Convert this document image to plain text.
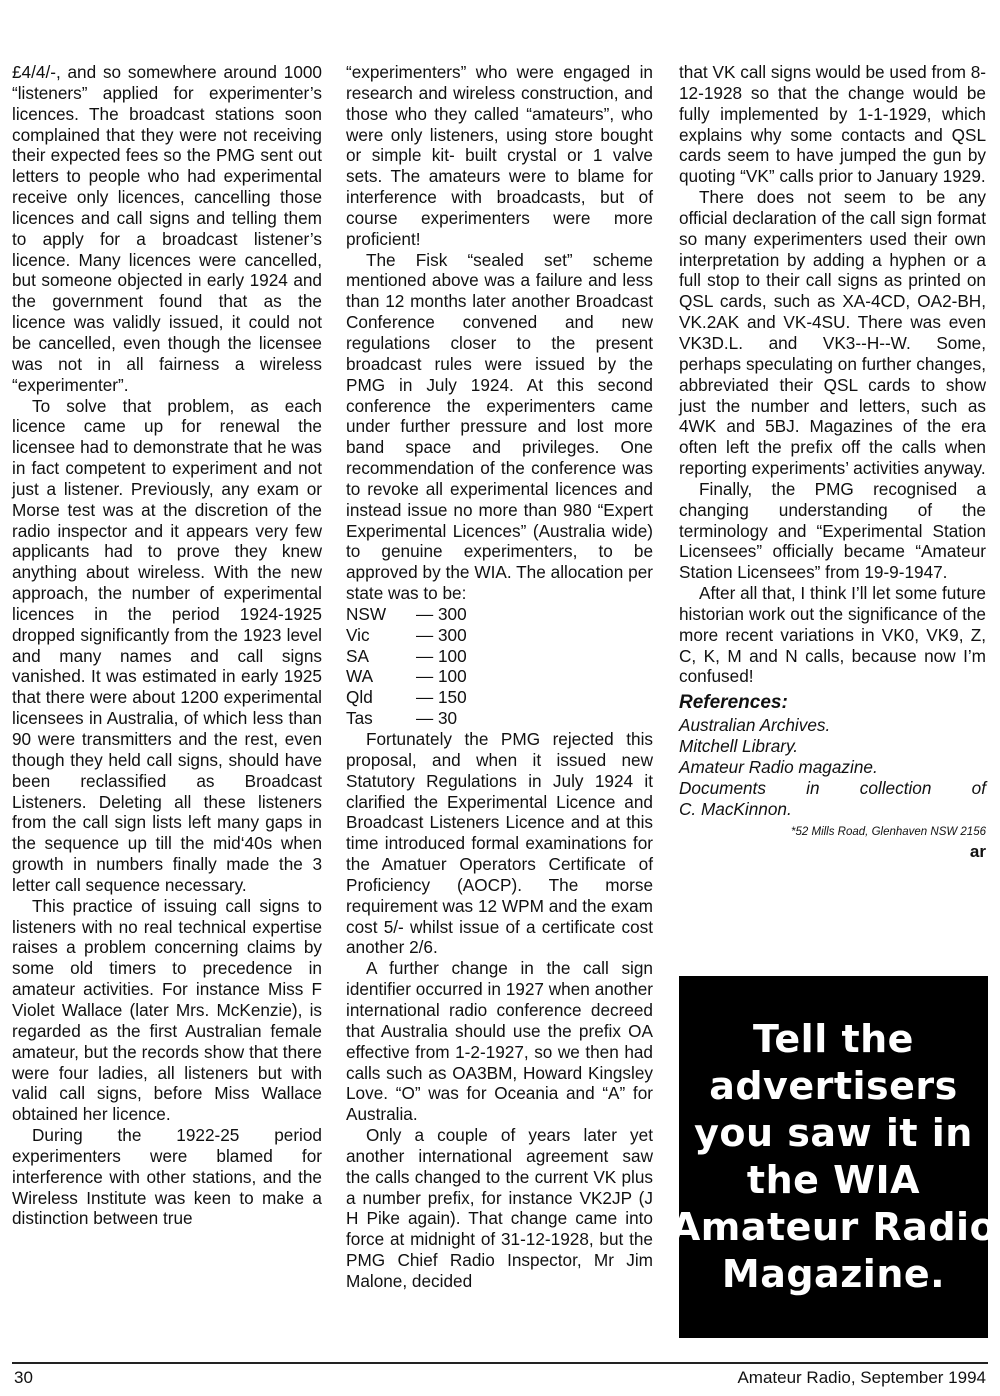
£4/4/-, and so somewhere around 1000 “listeners” applied for experimenter’s licences. The broadcast stations soon complained that they were not receiving their expected fees so the PMG sent out letters to people who had experimental receive only licences, cancelling those licences and call signs and telling them to apply for a broadcast listener’s licence. Many licences were cancelled, but someone objected in early 1924 and the government found that as the licence was validly issued, it could not be cancelled, even though the licensee was not in all fairness a wireless “experimenter”.

To solve that problem, as each licence came up for renewal the licensee had to demonstrate that he was in fact competent to experiment and not just a listener. Previously, any exam or Morse test was at the discretion of the radio inspector and it appears very few applicants had to prove they knew anything about wireless. With the new approach, the number of experimental licences in the period 1924-1925 dropped significantly from the 1923 level and many names and call signs vanished. It was estimated in early 1925 that there were about 1200 experimental licensees in Australia, of which less than 90 were transmitters and the rest, even though they held call signs, should have been reclassified as Broadcast Listeners. Deleting all these listeners from the call sign lists left many gaps in the sequence up till the mid‘40s when growth in numbers finally made the 3 letter call sequence necessary.

This practice of issuing call signs to listeners with no real technical expertise raises a problem concerning claims by some old timers to precedence in amateur activities. For instance Miss F Violet Wallace (later Mrs. McKenzie), is regarded as the first Australian female amateur, but the records show that there were four ladies, all listeners but with valid call signs, before Miss Wallace obtained her licence.

During the 1922-25 period experimenters were blamed for interference with other stations, and the Wireless Institute was keen to make a distinction between true

“experimenters” who were engaged in research and wireless construction, and those who they called “amateurs”, who were only listeners, using store bought or simple kit- built crystal or 1 valve sets. The amateurs were to blame for interference with broadcasts, but of course experimenters were more proficient!

The Fisk “sealed set” scheme mentioned above was a failure and less than 12 months later another Broadcast Conference convened and new regulations closer to the present broadcast rules were issued by the PMG in July 1924. At this second conference the experimenters came under further pressure and lost more band space and privileges. One recommendation of the conference was to revoke all experimental licences and instead issue no more than 980 “Expert Experimental Licences” (Australia wide) to genuine experimenters, to be approved by the WIA. The allocation per state was to be:

NSW	— 300
Vic	— 300
SA	— 100
WA	— 100
Qld	— 150
Tas	— 30

Fortunately the PMG rejected this proposal, and when it issued new Statutory Regulations in July 1924 it clarified the Experimental Licence and Broadcast Listeners Licence and at this time introduced formal examinations for the Amatuer Operators Certificate of Proficiency (AOCP). The morse requirement was 12 WPM and the exam cost 5/- whilst issue of a certificate cost another 2/6.

A further change in the call sign identifier occurred in 1927 when another international radio conference decreed that Australia should use the prefix OA effective from 1-2-1927, so we then had calls such as OA3BM, Howard Kingsley Love. “O” was for Oceania and “A” for Australia.

Only a couple of years later yet another international agreement saw the calls changed to the current VK plus a number prefix, for instance VK2JP (J H Pike again). That change came into force at midnight of 31-12-1928, but the PMG Chief Radio Inspector, Mr Jim Malone, decided

that VK call signs would be used from 8-12-1928 so that the change would be fully implemented by 1-1-1929, which explains why some contacts and QSL cards seem to have jumped the gun by quoting “VK” calls prior to January 1929.

There does not seem to be any official declaration of the call sign format so many experimenters used their own interpretation by adding a hyphen or a full stop to their call signs as printed on QSL cards, such as XA-4CD, OA2-BH, VK.2AK and VK-4SU. There was even VK3D.L. and VK3--H--W. Some, perhaps speculating on further changes, abbreviated their QSL cards to show just the number and letters, such as 4WK and 5BJ. Magazines of the era often left the prefix off the calls when reporting experiments’ activities anyway.

Finally, the PMG recognised a changing understanding of the terminology and “Experimental Station Licensees” officially became “Amateur Station Licensees” from 19-9-1947.

After all that, I think I’ll let some future historian work out the significance of the more recent variations in VK0, VK9, Z, C, K, M and N calls, because now I’m confused!

References:

Australian Archives.

Mitchell Library.

Amateur Radio magazine.

Documents in collection of

C. MacKinnon.

*52 Mills Road, Glenhaven NSW 2156
ar
Tell the
advertisers
you saw it in
the WIA
Amateur Radio
Magazine.
30	Amateur Radio, September 1994
